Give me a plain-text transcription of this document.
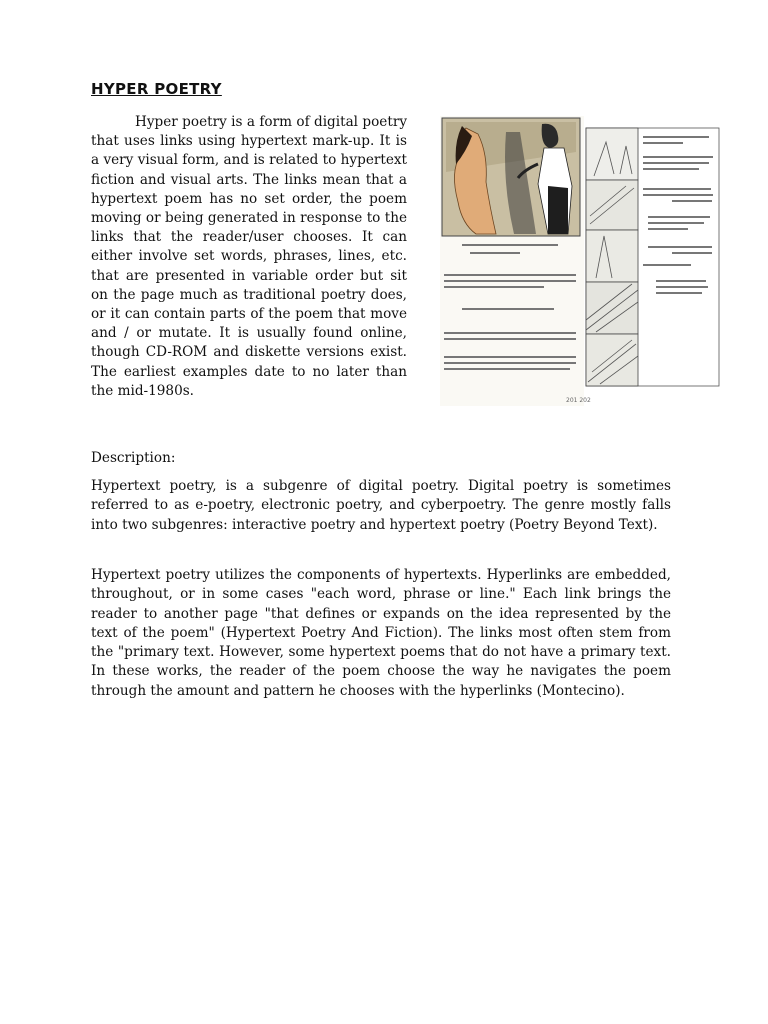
HYPER POETRY

Hyper poetry is a form of digital poetry that uses links using hypertext mark-up. It is a very visual form, and is related to hypertext fiction and visual arts. The links mean that a hypertext poem has no set order, the poem moving or being generated in response to the links that the reader/user chooses. It can either involve set words, phrases, lines, etc. that are presented in variable order but sit on the page much as traditional poetry does, or it can contain parts of the poem that move and / or mutate. It is usually found online, though CD-ROM and diskette versions exist. The earliest examples date to no later than the mid-1980s.

201 202

Description:

Hypertext poetry, is a subgenre of digital poetry. Digital poetry is sometimes referred to as e-poetry, electronic poetry, and cyberpoetry. The genre mostly falls into two subgenres: interactive poetry and hypertext poetry (Poetry Beyond Text).

Hypertext poetry utilizes the components of hypertexts. Hyperlinks are embedded, throughout, or in some cases "each word, phrase or line." Each link brings the reader to another page "that defines or expands on the idea represented by the text of the poem" (Hypertext Poetry And Fiction). The links most often stem from the "primary text. However, some hypertext poems that do not have a primary text. In these works, the reader of the poem choose the way he navigates the poem through the amount and pattern he chooses with the hyperlinks (Montecino).
